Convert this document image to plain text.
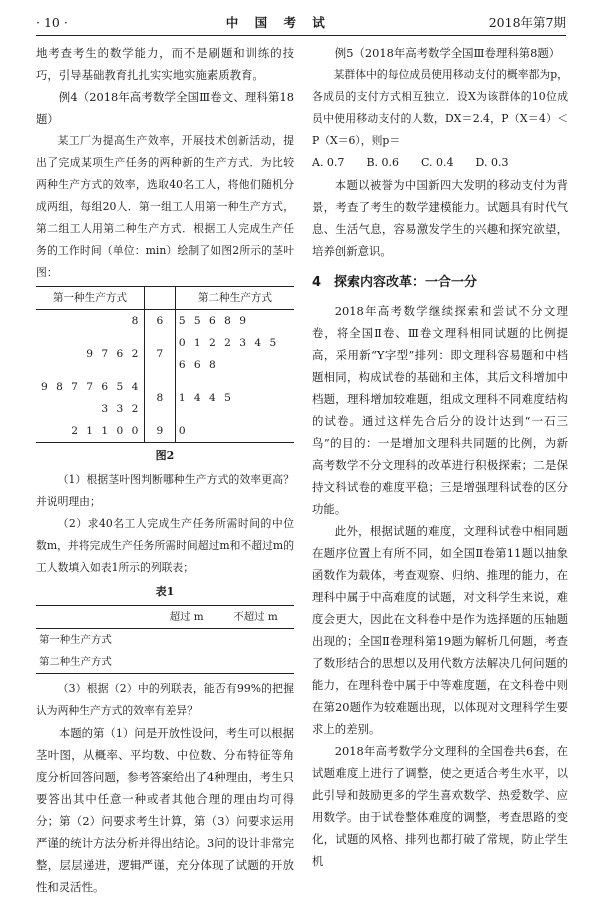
· 10 ·	中 国 考 试	2018年第7期

地考查考生的数学能力，而不是刷题和训练的技巧，引导基础教育扎扎实实地实施素质教育。

例4（2018年高考数学全国Ⅲ卷文、理科第18题）

某工厂为提高生产效率，开展技术创新活动，提出了完成某项生产任务的两种新的生产方式．为比较两种生产方式的效率，选取40名工人，将他们随机分成两组，每组20人．第一组工人用第一种生产方式，第二组工人用第二种生产方式．根据工人完成生产任务的工作时间（单位：min）绘制了如图2所示的茎叶图：

第一种生产方式		第二种生产方式
8	6	5 5 6 8 9
9 7 6 2	7	0 1 2 2 3 4 5 6 6 8
9 8 7 7 6 5 4 3 3 2	8	1 4 4 5
2 1 1 0 0	9	0
图2

（1）根据茎叶图判断哪种生产方式的效率更高？并说明理由；

（2）求40名工人完成生产任务所需时间的中位数m，并将完成生产任务所需时间超过m和不超过m的工人数填入如表1所示的列联表；

表1
	超过 m	不超过 m
第一种生产方式		
第二种生产方式		

（3）根据（2）中的列联表，能否有99%的把握认为两种生产方式的效率有差异？

本题的第（1）问是开放性设问，考生可以根据茎叶图，从概率、平均数、中位数、分布特征等角度分析回答问题，参考答案给出了4种理由，考生只要答出其中任意一种或者其他合理的理由均可得分；第（2）问要求考生计算，第（3）问要求运用严谨的统计方法分析并得出结论。3问的设计非常完整，层层递进，逻辑严谨，充分体现了试题的开放性和灵活性。

例5（2018年高考数学全国Ⅲ卷理科第8题）

某群体中的每位成员使用移动支付的概率都为p，各成员的支付方式相互独立．设X为该群体的10位成员中使用移动支付的人数，DX＝2.4，P（X＝4）＜P（X＝6），则p＝

A. 0.7 B. 0.6 C. 0.4 D. 0.3

本题以被誉为中国新四大发明的移动支付为背景，考查了考生的数学建模能力。试题具有时代气息、生活气息，容易激发学生的兴趣和探究欲望，培养创新意识。

4　探索内容改革：一合一分

2018年高考数学继续探索和尝试不分文理卷，将全国Ⅱ卷、Ⅲ卷文理科相同试题的比例提高，采用新“Y字型”排列：即文理科容易题和中档题相同，构成试卷的基础和主体，其后文科增加中档题，理科增加较难题，组成文理科不同难度结构的试卷。通过这样先合后分的设计达到“一石三鸟”的目的：一是增加文理科共同题的比例，为新高考数学不分文理科的改革进行积极探索；二是保持文科试卷的难度平稳；三是增强理科试卷的区分功能。

此外，根据试题的难度，文理科试卷中相同题在题序位置上有所不同，如全国Ⅱ卷第11题以抽象函数作为载体，考查观察、归纳、推理的能力，在理科中属于中高难度的试题，对文科学生来说，难度会更大，因此在文科卷中是作为选择题的压轴题出现的；全国Ⅱ卷理科第19题为解析几何题，考查了数形结合的思想以及用代数方法解决几何问题的能力，在理科卷中属于中等难度题，在文科卷中则在第20题作为较难题出现，以体现对文理科学生要求上的差别。

2018年高考数学分文理科的全国卷共6套，在试题难度上进行了调整，使之更适合考生水平，以此引导和鼓励更多的学生喜欢数学、热爱数学、应用数学。由于试卷整体难度的调整，考查思路的变化，试题的风格、排列也都打破了常规，防止学生机
